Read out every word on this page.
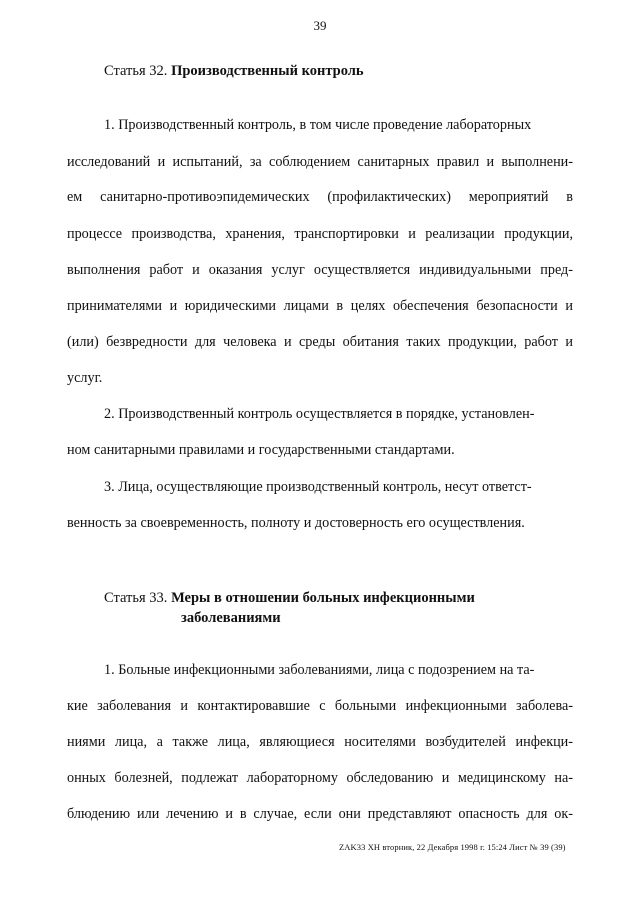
39
Статья 32. Производственный контроль
1. Производственный контроль, в том числе проведение лабораторных
исследований и испытаний, за соблюдением санитарных правил и выполнени-
ем санитарно-противоэпидемических (профилактических) мероприятий в
процессе производства, хранения, транспортировки и реализации продукции,
выполнения работ и оказания услуг осуществляется индивидуальными пред-
принимателями и юридическими лицами в целях обеспечения безопасности и
(или) безвредности для человека и среды обитания таких продукции, работ и
услуг.
2. Производственный контроль осуществляется в порядке, установлен-
ном санитарными правилами и государственными стандартами.
3. Лица, осуществляющие производственный контроль, несут ответст-
венность за своевременность, полноту и достоверность его осуществления.
Статья 33. Меры в отношении больных инфекционными
заболеваниями
1. Больные инфекционными заболеваниями, лица с подозрением на та-
кие заболевания и контактировавшие с больными инфекционными заболева-
ниями лица, а также лица, являющиеся носителями возбудителей инфекци-
онных болезней, подлежат лабораторному обследованию и медицинскому на-
блюдению или лечению и в случае, если они представляют опасность для ок-
ZAK33 XH вторник, 22 Декабря 1998 г. 15:24 Лист № 39 (39)
